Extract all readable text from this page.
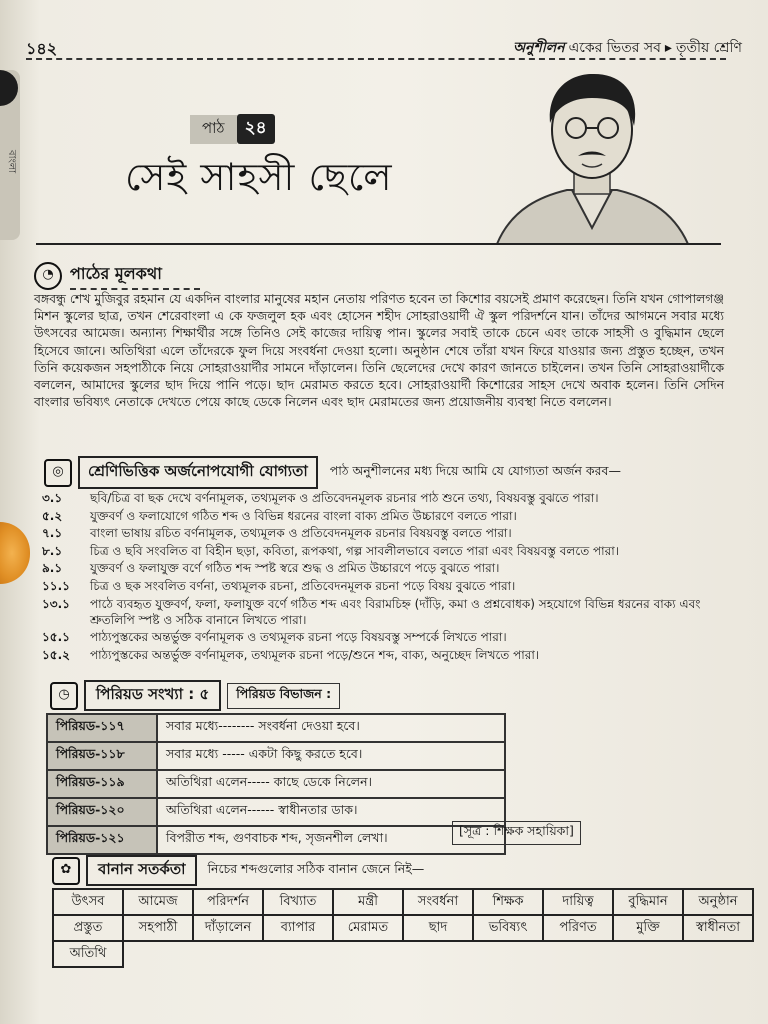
বাংলা
১৪২	অনুশীলন একের ভিতর সব ▸ তৃতীয় শ্রেণি
পাঠ	২৪
সেই সাহসী ছেলে
◔	পাঠের মূলকথা
বঙ্গবন্ধু শেখ মুজিবুর রহমান যে একদিন বাংলার মানুষের মহান নেতায় পরিণত হবেন তা কিশোর বয়সেই প্রমাণ করেছেন। তিনি যখন গোপালগঞ্জ মিশন স্কুলের ছাত্র, তখন শেরেবাংলা এ কে ফজলুল হক এবং হোসেন শহীদ সোহরাওয়ার্দী ঐ স্কুল পরিদর্শনে যান। তাঁদের আগমনে সবার মধ্যে উৎসবের আমেজ। অন্যান্য শিক্ষার্থীর সঙ্গে তিনিও সেই কাজের দায়িত্ব পান। স্কুলের সবাই তাকে চেনে এবং তাকে সাহসী ও বুদ্ধিমান ছেলে হিসেবে জানে। অতিথিরা এলে তাঁদেরকে ফুল দিয়ে সংবর্ধনা দেওয়া হলো। অনুষ্ঠান শেষে তাঁরা যখন ফিরে যাওয়ার জন্য প্রস্তুত হচ্ছেন, তখন তিনি কয়েকজন সহপাঠীকে নিয়ে সোহরাওয়ার্দীর সামনে দাঁড়ালেন। তিনি ছেলেদের দেখে কারণ জানতে চাইলেন। তখন তিনি সোহরাওয়ার্দীকে বললেন, আমাদের স্কুলের ছাদ দিয়ে পানি পড়ে। ছাদ মেরামত করতে হবে। সোহরাওয়ার্দী কিশোরের সাহস দেখে অবাক হলেন। তিনি সেদিন বাংলার ভবিষ্যৎ নেতাকে দেখতে পেয়ে কাছে ডেকে নিলেন এবং ছাদ মেরামতের জন্য প্রয়োজনীয় ব্যবস্থা নিতে বললেন।
◎	শ্রেণিভিত্তিক অর্জনোপযোগী যোগ্যতা	পাঠ অনুশীলনের মধ্য দিয়ে আমি যে যোগ্যতা অর্জন করব—
৩.১	ছবি/চিত্র বা ছক দেখে বর্ণনামূলক, তথ্যমূলক ও প্রতিবেদনমূলক রচনার পাঠ শুনে তথ্য, বিষয়বস্তু বুঝতে পারা।
৫.২	যুক্তবর্ণ ও ফলাযোগে গঠিত শব্দ ও বিভিন্ন ধরনের বাংলা বাক্য প্রমিত উচ্চারণে বলতে পারা।
৭.১	বাংলা ভাষায় রচিত বর্ণনামূলক, তথ্যমূলক ও প্রতিবেদনমূলক রচনার বিষয়বস্তু বলতে পারা।
৮.১	চিত্র ও ছবি সংবলিত বা বিহীন ছড়া, কবিতা, রূপকথা, গল্প সাবলীলভাবে বলতে পারা এবং বিষয়বস্তু বলতে পারা।
৯.১	যুক্তবর্ণ ও ফলাযুক্ত বর্ণে গঠিত শব্দ স্পষ্ট স্বরে শুদ্ধ ও প্রমিত উচ্চারণে পড়ে বুঝতে পারা।
১১.১	চিত্র ও ছক সংবলিত বর্ণনা, তথ্যমূলক রচনা, প্রতিবেদনমূলক রচনা পড়ে বিষয় বুঝতে পারা।
১৩.১	পাঠে ব্যবহৃত যুক্তবর্ণ, ফলা, ফলাযুক্ত বর্ণে গঠিত শব্দ এবং বিরামচিহ্ন (দাঁড়ি, কমা ও প্রশ্নবোধক) সহযোগে বিভিন্ন ধরনের বাক্য এবং শ্রুতলিপি স্পষ্ট ও সঠিক বানানে লিখতে পারা।
১৫.১	পাঠ্যপুস্তকের অন্তর্ভুক্ত বর্ণনামূলক ও তথ্যমূলক রচনা পড়ে বিষয়বস্তু সম্পর্কে লিখতে পারা।
১৫.২	পাঠ্যপুস্তকের অন্তর্ভুক্ত বর্ণনামূলক, তথ্যমূলক রচনা পড়ে/শুনে শব্দ, বাক্য, অনুচ্ছেদ লিখতে পারা।
◷	পিরিয়ড সংখ্যা : ৫	পিরিয়ড বিভাজন :
পিরিয়ড-১১৭	সবার মধ্যে-------- সংবর্ধনা দেওয়া হবে।
পিরিয়ড-১১৮	সবার মধ্যে ----- একটা কিছু করতে হবে।
পিরিয়ড-১১৯	অতিথিরা এলেন----- কাছে ডেকে নিলেন।
পিরিয়ড-১২০	অতিথিরা এলেন------ স্বাধীনতার ডাক।
পিরিয়ড-১২১	বিপরীত শব্দ, গুণবাচক শব্দ, সৃজনশীল লেখা।	[সূত্র : শিক্ষক সহায়িকা]
✿	বানান সতর্কতা	নিচের শব্দগুলোর সঠিক বানান জেনে নিই—
উৎসব	আমেজ	পরিদর্শন	বিখ্যাত	মন্ত্রী	সংবর্ধনা	শিক্ষক	দায়িত্ব	বুদ্ধিমান	অনুষ্ঠান
প্রস্তুত	সহপাঠী	দাঁড়ালেন	ব্যাপার	মেরামত	ছাদ	ভবিষ্যৎ	পরিণত	মুক্তি	স্বাধীনতা
অতিথি									
